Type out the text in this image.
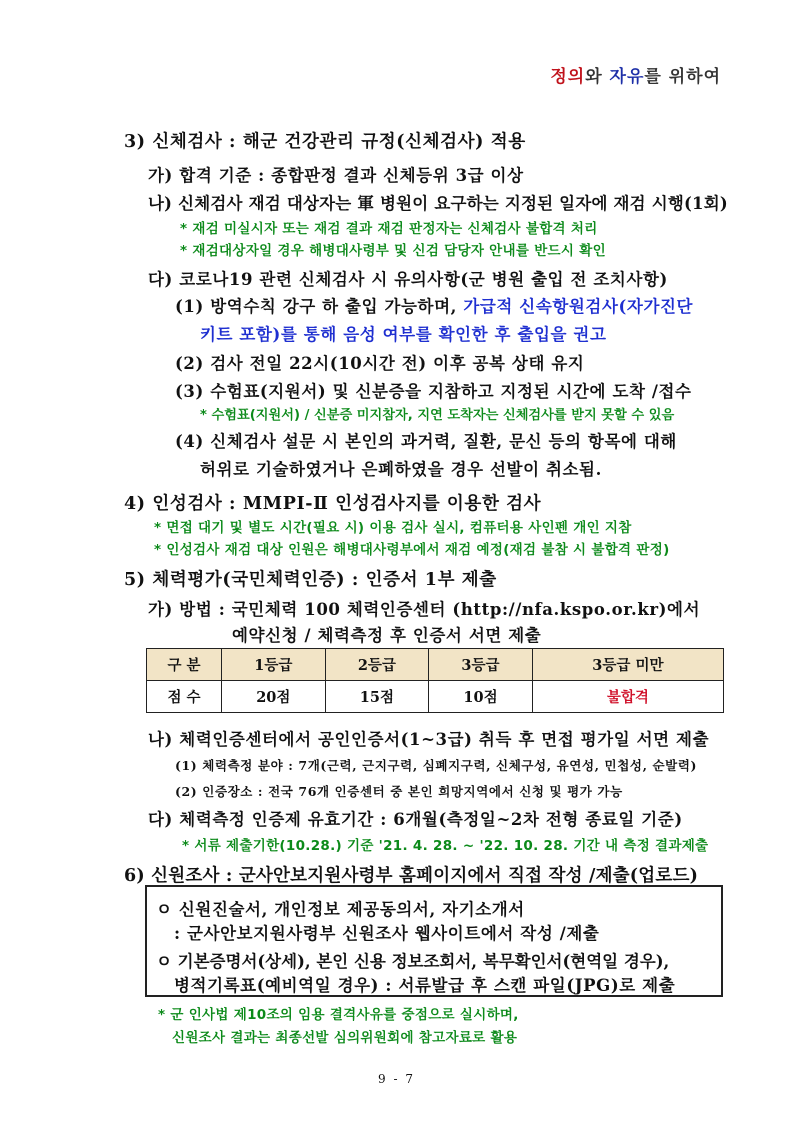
정의와 자유를 위하여
3) 신체검사 : 해군 건강관리 규정(신체검사) 적용
가) 합격 기준 : 종합판정 결과 신체등위 3급 이상
나) 신체검사 재검 대상자는 軍 병원이 요구하는 지정된 일자에 재검 시행(1회)
* 재검 미실시자 또는 재검 결과 재검 판정자는 신체검사 불합격 처리
* 재검대상자일 경우 해병대사령부 및 신검 담당자 안내를 반드시 확인
다) 코로나19 관련 신체검사 시 유의사항(군 병원 출입 전 조치사항)
(1) 방역수칙 강구 하 출입 가능하며, 가급적 신속항원검사(자가진단
키트 포함)를 통해 음성 여부를 확인한 후 출입을 권고
(2) 검사 전일 22시(10시간 전) 이후 공복 상태 유지
(3) 수험표(지원서) 및 신분증을 지참하고 지정된 시간에 도착 /접수
* 수험표(지원서) / 신분증 미지참자, 지연 도착자는 신체검사를 받지 못할 수 있음
(4) 신체검사 설문 시 본인의 과거력, 질환, 문신 등의 항목에 대해
허위로 기술하였거나 은폐하였을 경우 선발이 취소됨.
4) 인성검사 : MMPI-Ⅱ 인성검사지를 이용한 검사
* 면접 대기 및 별도 시간(필요 시) 이용 검사 실시, 컴퓨터용 사인펜 개인 지참
* 인성검사 재검 대상 인원은 해병대사령부에서 재검 예정(재검 불참 시 불합격 판정)
5) 체력평가(국민체력인증) : 인증서 1부 제출
가) 방법 : 국민체력 100 체력인증센터 (http://nfa.kspo.or.kr)에서
예약신청 / 체력측정 후 인증서 서면 제출
구 분	1등급	2등급	3등급	3등급 미만
점 수	20점	15점	10점	불합격
나) 체력인증센터에서 공인인증서(1~3급) 취득 후 면접 평가일 서면 제출
(1) 체력측정 분야 : 7개(근력, 근지구력, 심폐지구력, 신체구성, 유연성, 민첩성, 순발력)
(2) 인증장소 : 전국 76개 인증센터 중 본인 희망지역에서 신청 및 평가 가능
다) 체력측정 인증제 유효기간 : 6개월(측정일~2차 전형 종료일 기준)
* 서류 제출기한(10.28.) 기준 '21. 4. 28. ~ '22. 10. 28. 기간 내 측정 결과제출
6) 신원조사 : 군사안보지원사령부 홈페이지에서 직접 작성 /제출(업로드)
ㅇ 신원진술서, 개인정보 제공동의서, 자기소개서
: 군사안보지원사령부 신원조사 웹사이트에서 작성 /제출
ㅇ 기본증명서(상세), 본인 신용 정보조회서, 복무확인서(현역일 경우),
병적기록표(예비역일 경우) : 서류발급 후 스캔 파일(JPG)로 제출
* 군 인사법 제10조의 임용 결격사유를 중점으로 실시하며,
신원조사 결과는 최종선발 심의위원회에 참고자료로 활용
9 - 7
